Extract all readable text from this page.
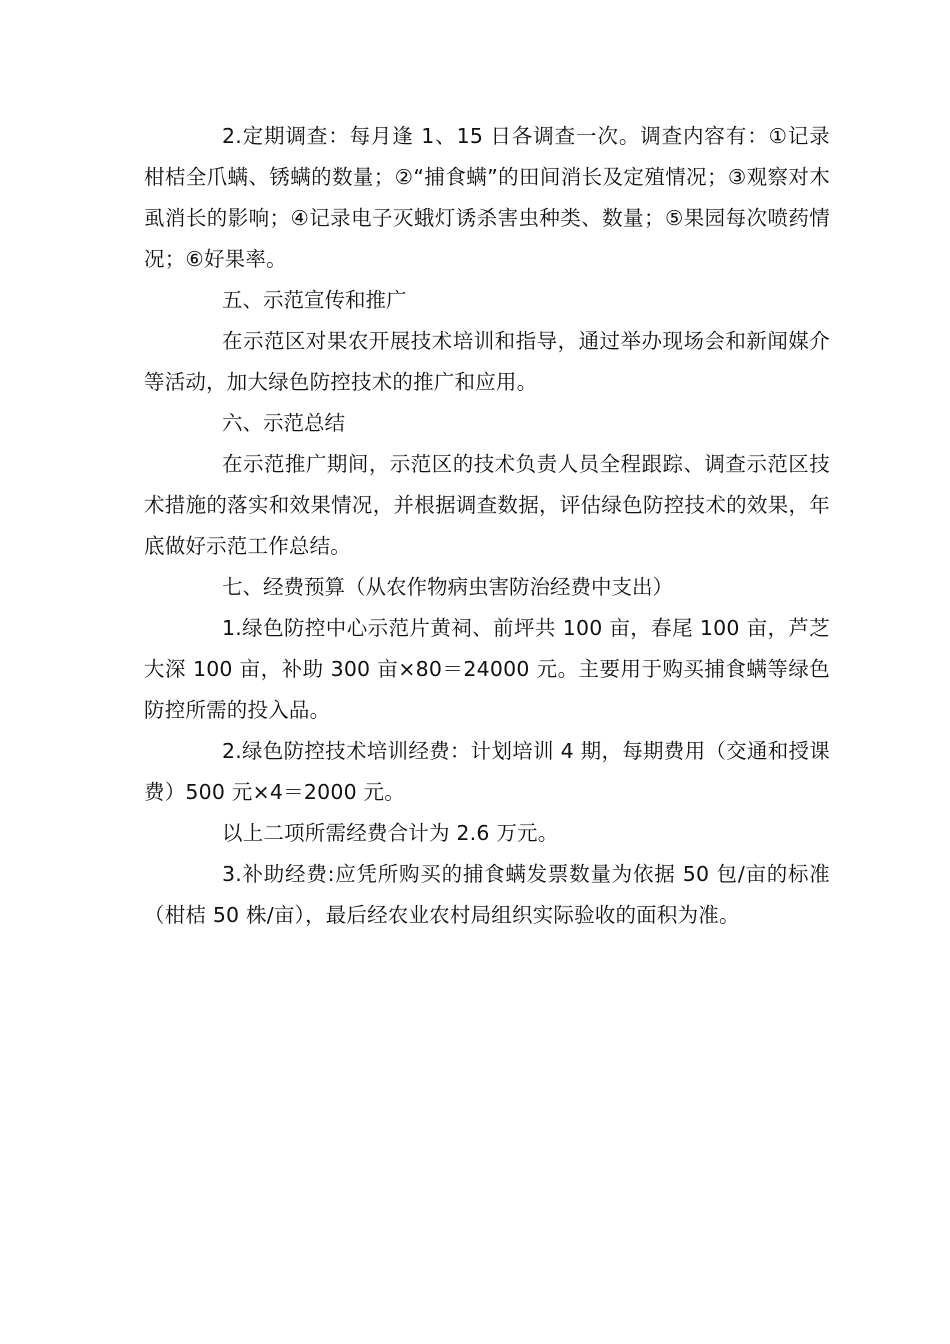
2.定期调查：每月逢 1、15 日各调查一次。调查内容有：①记录柑桔全爪螨、锈螨的数量；②“捕食螨”的田间消长及定殖情况；③观察对木虱消长的影响；④记录电子灭蛾灯诱杀害虫种类、数量；⑤果园每次喷药情况；⑥好果率。

五、示范宣传和推广

在示范区对果农开展技术培训和指导，通过举办现场会和新闻媒介等活动，加大绿色防控技术的推广和应用。

六、示范总结

在示范推广期间，示范区的技术负责人员全程跟踪、调查示范区技术措施的落实和效果情况，并根据调查数据，评估绿色防控技术的效果，年底做好示范工作总结。

七、经费预算（从农作物病虫害防治经费中支出）

1.绿色防控中心示范片黄祠、前坪共 100 亩，春尾 100 亩，芦芝大深 100 亩，补助 300 亩×80＝24000 元。主要用于购买捕食螨等绿色防控所需的投入品。

2.绿色防控技术培训经费：计划培训 4 期，每期费用（交通和授课费）500 元×4＝2000 元。

以上二项所需经费合计为 2.6 万元。

3.补助经费:应凭所购买的捕食螨发票数量为依据 50 包/亩的标准（柑桔 50 株/亩），最后经农业农村局组织实际验收的面积为准。
